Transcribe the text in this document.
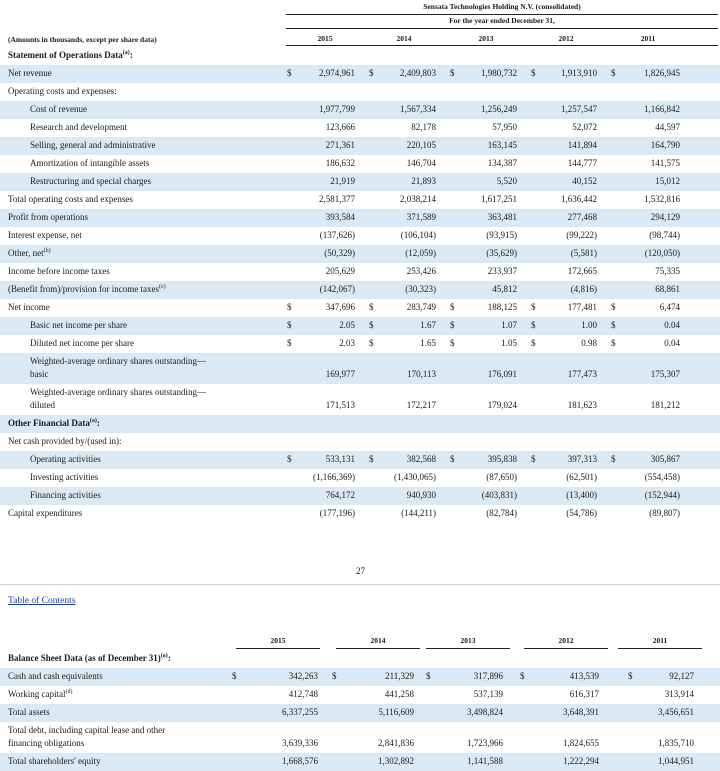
Sensata Technologies Holding N.V. (consolidated)
For the year ended December 31,
(Amounts in thousands, except per share data)	2015	2014	2013	2012	2011
Statement of Operations Data$^{(a)}$:
Net revenue	$	2,974,961 $	2,409,803 $	1,980,732 $	1,913,910 $	1,826,945
Operating costs and expenses:
Cost of revenue	1,977,799	1,567,334	1,256,249	1,257,547	1,166,842
Research and development	123,666	82,178	57,950	52,072	44,597
Selling, general and administrative	271,361	220,105	163,145	141,894	164,790
Amortization of intangible assets	186,632	146,704	134,387	144,777	141,575
Restructuring and special charges	21,919	21,893	5,520	40,152	15,012
Total operating costs and expenses	2,581,377	2,038,214	1,617,251	1,636,442	1,532,816
Profit from operations	393,584	371,589	363,481	277,468	294,129
Interest expense, net	(137,626)	(106,104)	(93,915)	(99,222)	(98,744)
Other, net$^{(b)}$	(50,329)	(12,059)	(35,629)	(5,581)	(120,050)
Income before income taxes	205,629	253,426	233,937	172,665	75,335
(Benefit from)/provision for income taxes$^{(c)}$	(142,067)	(30,323)	45,812	(4,816)	68,861
Net income	$	347,696 $	283,749 $	188,125 $	177,481 $	6,474
Basic net income per share	$	2.05 $	1.67 $	1.07 $	1.00 $	0.04
Diluted net income per share	$	2.03 $	1.65 $	1.05 $	0.98 $	0.04
Weighted-average ordinary shares outstanding—
basic	169,977	170,113	176,091	177,473	175,307
Weighted-average ordinary shares outstanding—
diluted	171,513	172,217	179,024	181,623	181,212
Other Financial Data$^{(a)}$:
Net cash provided by/(used in):
Operating activities	$	533,131 $	382,568 $	395,838 $	397,313 $	305,867
Investing activities	(1,166,369)	(1,430,065)	(87,650)	(62,501)	(554,458)
Financing activities	764,172	940,930	(403,831)	(13,400)	(152,944)
Capital expenditures	(177,196)	(144,211)	(82,784)	(54,786)	(89,807)
27
Table of Contents
2015	2014	2013	2012	2011
Balance Sheet Data (as of December 31)$^{(a)}$:
Cash and cash equivalents	$	342,263 $	211,329 $	317,896 $	413,539	$	92,127
Working capital$^{(d)}$	412,748	441,258	537,139	616,317	313,914
Total assets	6,337,255	5,116,609	3,498,824	3,648,391	3,456,651
Total debt, including capital lease and other
financing obligations	3,639,336	2,841,836	1,723,966	1,824,655	1,835,710
Total shareholders' equity	1,668,576	1,302,892	1,141,588	1,222,294	1,044,951
